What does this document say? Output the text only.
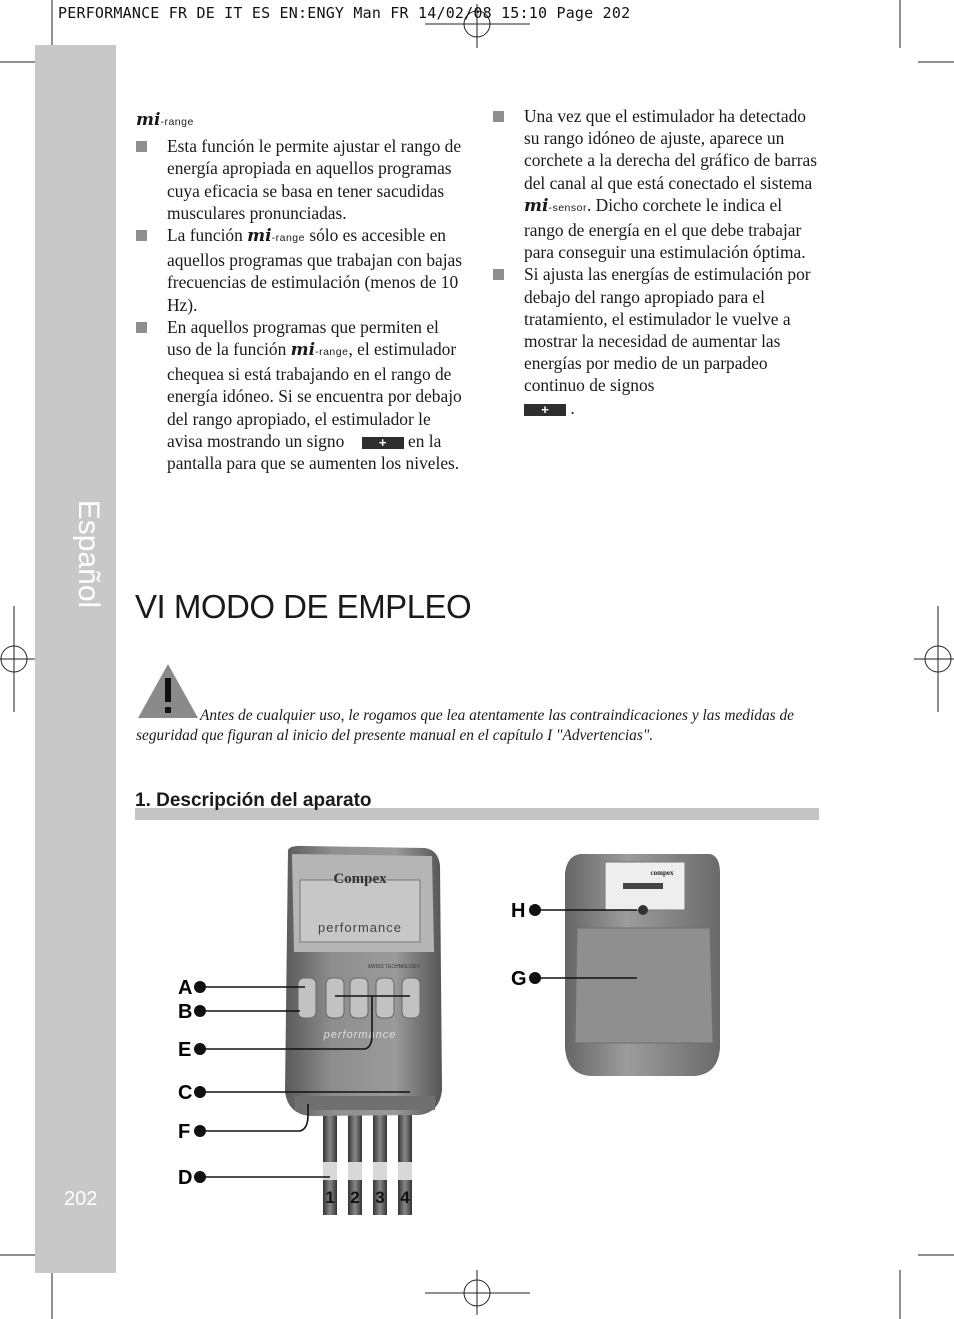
PERFORMANCE FR DE IT ES EN:ENGY Man FR 14/02/08 15:10 Page 202
Español
202
mi-range

Esta función le permite ajustar el rango de energía apropiada en aquellos programas cuya eficacia se basa en tener sacudidas musculares pronunciadas.

La función mi-range sólo es accesible en aquellos programas que trabajan con bajas frecuencias de estimulación (menos de 10 Hz).

En aquellos programas que permiten el uso de la función mi-range, el estimulador chequea si está trabajando en el rango de energía idóneo. Si se encuentra por debajo del rango apropiado, el estimulador le avisa mostrando un signo	+ en la pantalla para que se aumenten los niveles.

Una vez que el estimulador ha detectado su rango idóneo de ajuste, aparece un corchete a la derecha del gráfico de barras del canal al que está conectado el sistema mi-sensor. Dicho corchete le indica el rango de energía en el que debe trabajar para conseguir una estimulación óptima.

Si ajusta las energías de estimulación por debajo del rango apropiado para el tratamiento, el estimulador le vuelve a mostrar la necesidad de aumentar las energías por medio de un parpadeo continuo de signos
+ .

VI MODO DE EMPLEO
Antes de cualquier uso, le rogamos que lea atentamente las contraindicaciones y las medidas de seguridad que figuran al inicio del presente manual en el capítulo I "Advertencias".
1. Descripción del aparato
performance
Compex
SWISS TECHNOLOGY
performance
1 2 3 4
A
B
E
C
F
D
compex
H
G
